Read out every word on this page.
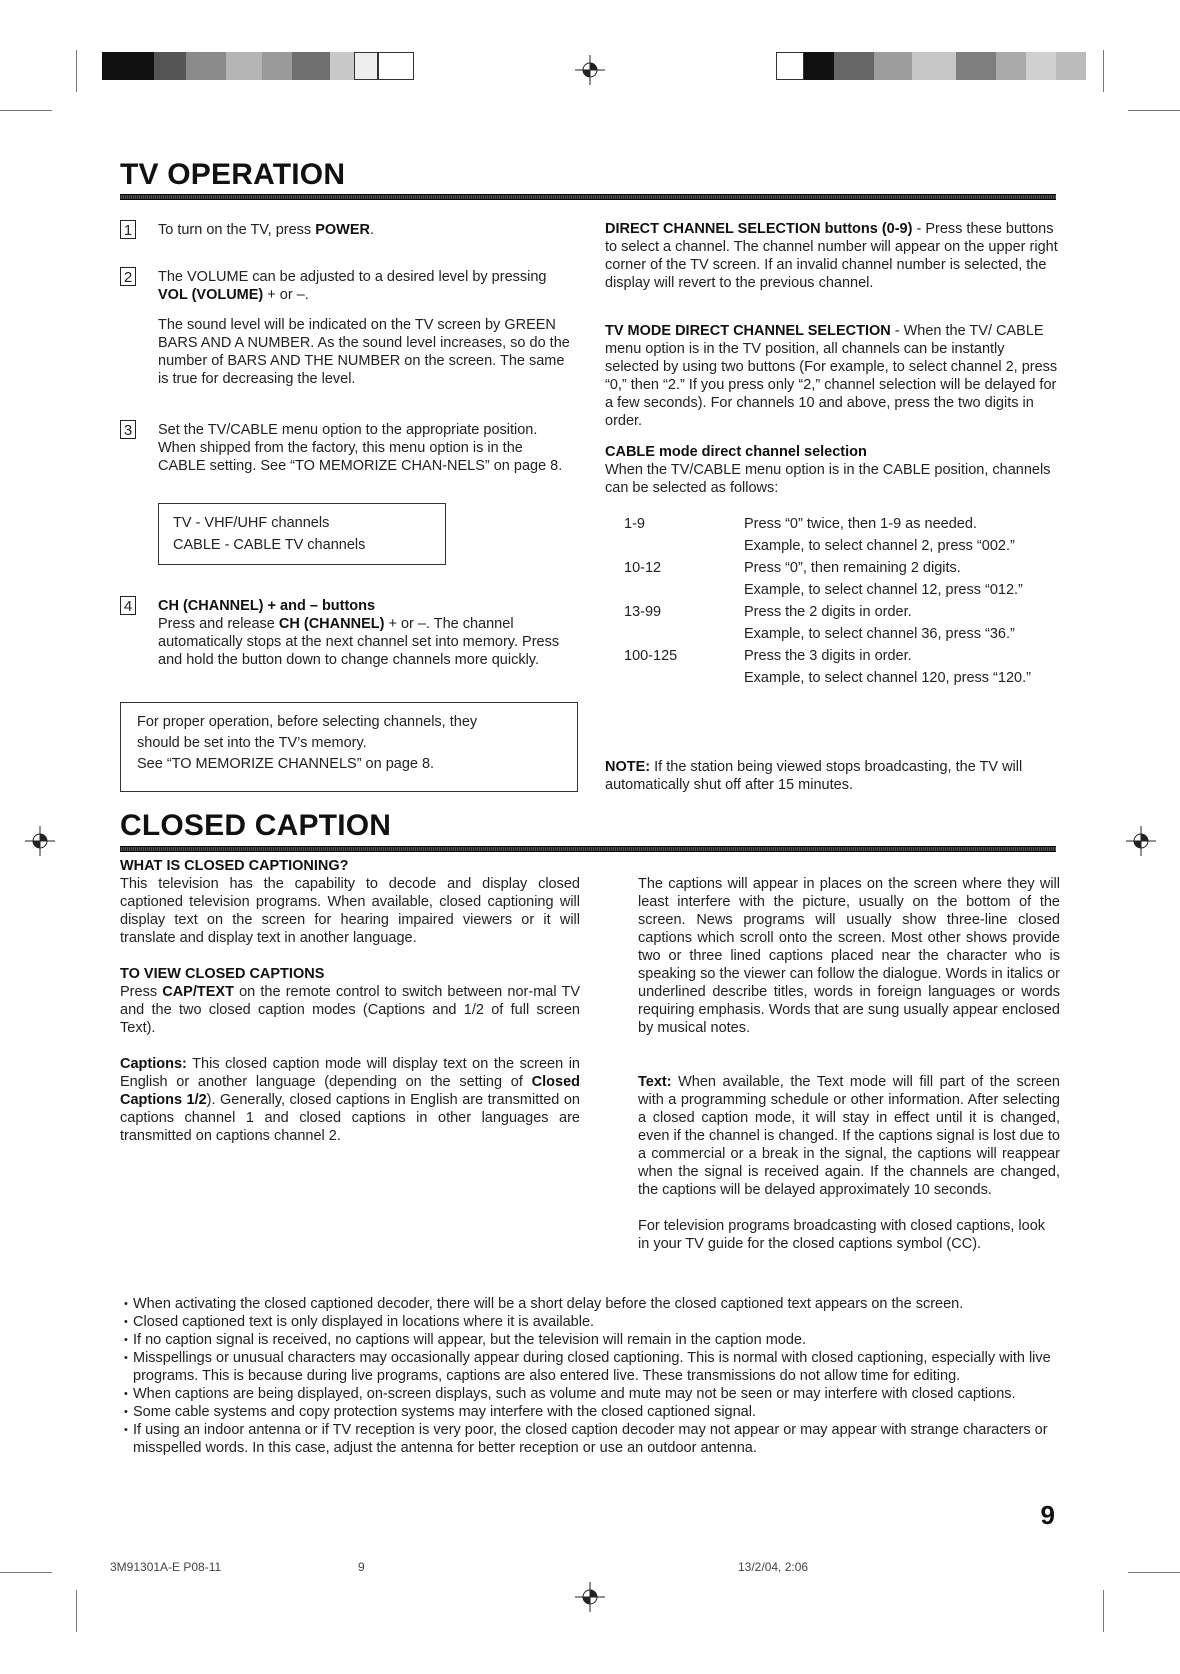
TV OPERATION
1 To turn on the TV, press POWER.

2 The VOLUME can be adjusted to a desired level by pressing VOL (VOLUME) + or –.

The sound level will be indicated on the TV screen by GREEN BARS AND A NUMBER. As the sound level increases, so do the number of BARS AND THE NUMBER on the screen. The same is true for decreasing the level.

3 Set the TV/CABLE menu option to the appropriate position. When shipped from the factory, this menu option is in the CABLE setting. See “TO MEMORIZE CHAN-NELS” on page 8.

TV - VHF/UHF channels
CABLE - CABLE TV channels
4 CH (CHANNEL) + and – buttons

Press and release CH (CHANNEL) + or –. The channel automatically stops at the next channel set into memory. Press and hold the button down to change channels more quickly.

For proper operation, before selecting channels, they
should be set into the TV’s memory.
See “TO MEMORIZE CHANNELS” on page 8.

DIRECT CHANNEL SELECTION buttons (0-9) - Press these buttons to select a channel. The channel number will appear on the upper right corner of the TV screen. If an invalid channel number is selected, the display will revert to the previous channel.

TV MODE DIRECT CHANNEL SELECTION - When the TV/ CABLE menu option is in the TV position, all channels can be instantly selected by using two buttons (For example, to select channel 2, press “0,” then “2.” If you press only “2,” channel selection will be delayed for a few seconds). For channels 10 and above, press the two digits in order.

CABLE mode direct channel selection

When the TV/CABLE menu option is in the CABLE position, channels can be selected as follows:

1-9	Press “0” twice, then 1-9 as needed.
Example, to select channel 2, press “002.”
10-12	Press “0”, then remaining 2 digits.
Example, to select channel 12, press “012.”
13-99	Press the 2 digits in order.
Example, to select channel 36, press “36.”
100-125	Press the 3 digits in order.
Example, to select channel 120, press “120.”

NOTE: If the station being viewed stops broadcasting, the TV will automatically shut off after 15 minutes.

CLOSED CAPTION

WHAT IS CLOSED CAPTIONING?

This television has the capability to decode and display closed captioned television programs. When available, closed captioning will display text on the screen for hearing impaired viewers or it will translate and display text in another language.

TO VIEW CLOSED CAPTIONS

Press CAP/TEXT on the remote control to switch between nor-mal TV and the two closed caption modes (Captions and 1/2 of full screen Text).

Captions: This closed caption mode will display text on the screen in English or another language (depending on the setting of Closed Captions 1/2). Generally, closed captions in English are transmitted on captions channel 1 and closed captions in other languages are transmitted on captions channel 2.

The captions will appear in places on the screen where they will least interfere with the picture, usually on the bottom of the screen. News programs will usually show three-line closed captions which scroll onto the screen. Most other shows provide two or three lined captions placed near the character who is speaking so the viewer can follow the dialogue. Words in italics or underlined describe titles, words in foreign languages or words requiring emphasis. Words that are sung usually appear enclosed by musical notes.

Text: When available, the Text mode will fill part of the screen with a programming schedule or other information. After selecting a closed caption mode, it will stay in effect until it is changed, even if the channel is changed. If the captions signal is lost due to a commercial or a break in the signal, the captions will reappear when the signal is received again. If the channels are changed, the captions will be delayed approximately 10 seconds.

For television programs broadcasting with closed captions, look in your TV guide for the closed captions symbol (CC).

• When activating the closed captioned decoder, there will be a short delay before the closed captioned text appears on the screen.
• Closed captioned text is only displayed in locations where it is available.
• If no caption signal is received, no captions will appear, but the television will remain in the caption mode.
• Misspellings or unusual characters may occasionally appear during closed captioning. This is normal with closed captioning, especially with live programs. This is because during live programs, captions are also entered live. These transmissions do not allow time for editing.
• When captions are being displayed, on-screen displays, such as volume and mute may not be seen or may interfere with closed captions.
• Some cable systems and copy protection systems may interfere with the closed captioned signal.
• If using an indoor antenna or if TV reception is very poor, the closed caption decoder may not appear or may appear with strange characters or misspelled words. In this case, adjust the antenna for better reception or use an outdoor antenna.
9
3M91301A-E P08-11	9	13/2/04, 2:06
